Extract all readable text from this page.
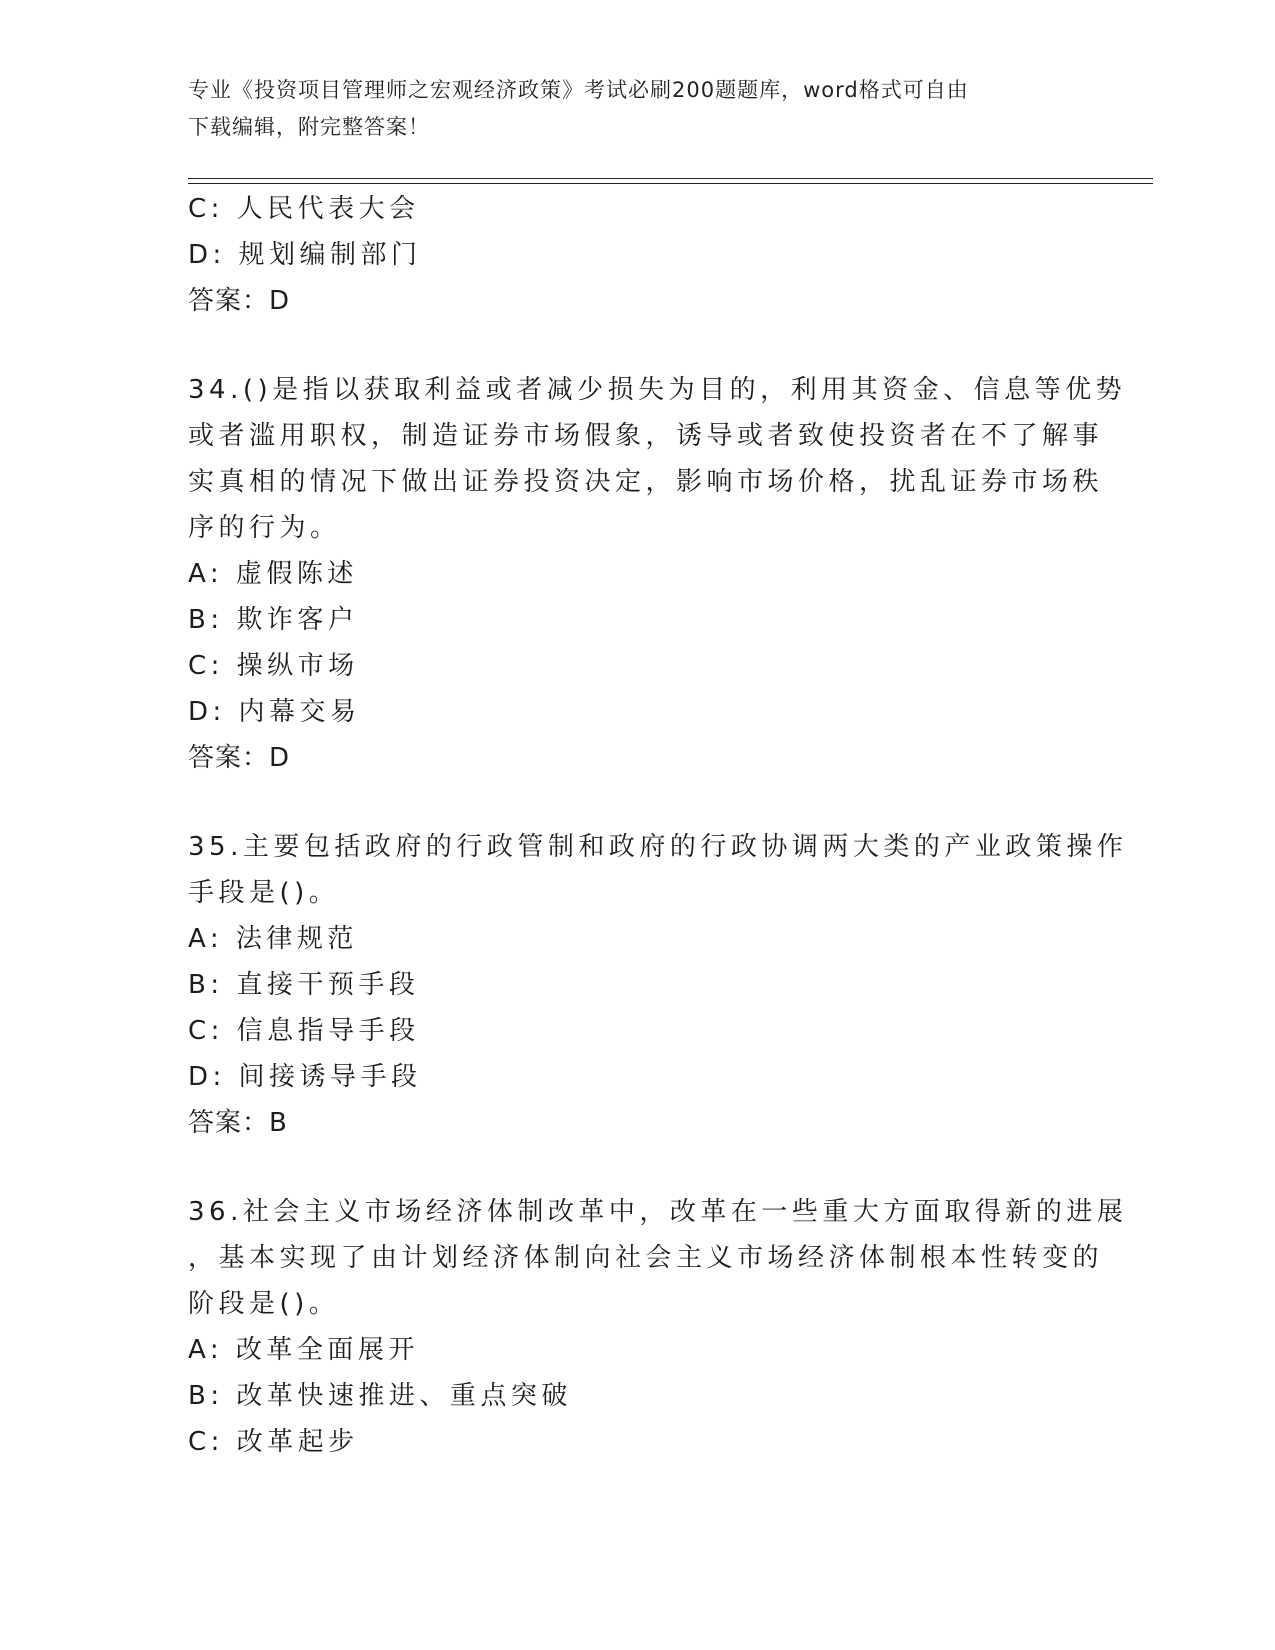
专业《投资项目管理师之宏观经济政策》考试必刷200题题库，word格式可自由
下载编辑，附完整答案！
C: 人民代表大会
D: 规划编制部门
答案：D
34.()是指以获取利益或者减少损失为目的，利用其资金、信息等优势
或者滥用职权，制造证券市场假象，诱导或者致使投资者在不了解事
实真相的情况下做出证券投资决定，影响市场价格，扰乱证券市场秩
序的行为。
A: 虚假陈述
B: 欺诈客户
C: 操纵市场
D: 内幕交易
答案：D
35.主要包括政府的行政管制和政府的行政协调两大类的产业政策操作
手段是()。
A: 法律规范
B: 直接干预手段
C: 信息指导手段
D: 间接诱导手段
答案：B
36.社会主义市场经济体制改革中，改革在一些重大方面取得新的进展
，基本实现了由计划经济体制向社会主义市场经济体制根本性转变的
阶段是()。
A: 改革全面展开
B: 改革快速推进、重点突破
C: 改革起步
